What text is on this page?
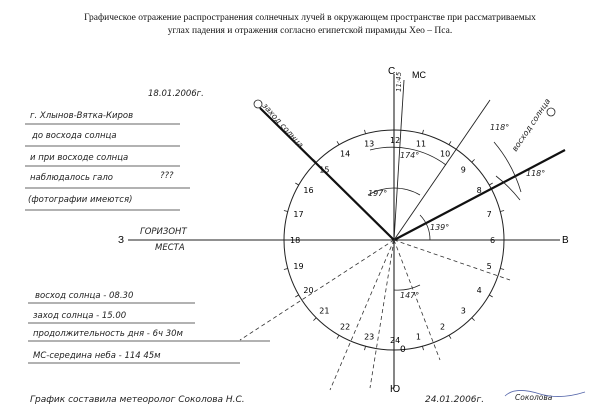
Графическое отражение распространения солнечных лучей в окружающем пространстве при рассматриваемых
углах падения и отражения согласно египетской пирамиды Хео – Пса.
18.01.2006г.
г. Хлынов-Вятка-Киров
до восхода солнца
и при восходе солнца
наблюдалось гало	???
(фотографии имеются)
восход солнца - 08.30
заход солнца - 15.00
продолжительность дня - 6ч 30м
МС-середина неба - 114 45м
График составила метеоролог Соколова Н.С.	24.01.2006г.	Соколова
З	В
ГОРИЗОНТ
МЕСТА
С
Ю
МС
11:45
заход солнца	восход солнца
118°
118°
174°
197°
139°
147°
24 1
2
3
4
5
6
7
8
9
10
11
12
13
14
15
16
17
18
19
20
21
22
23
0
